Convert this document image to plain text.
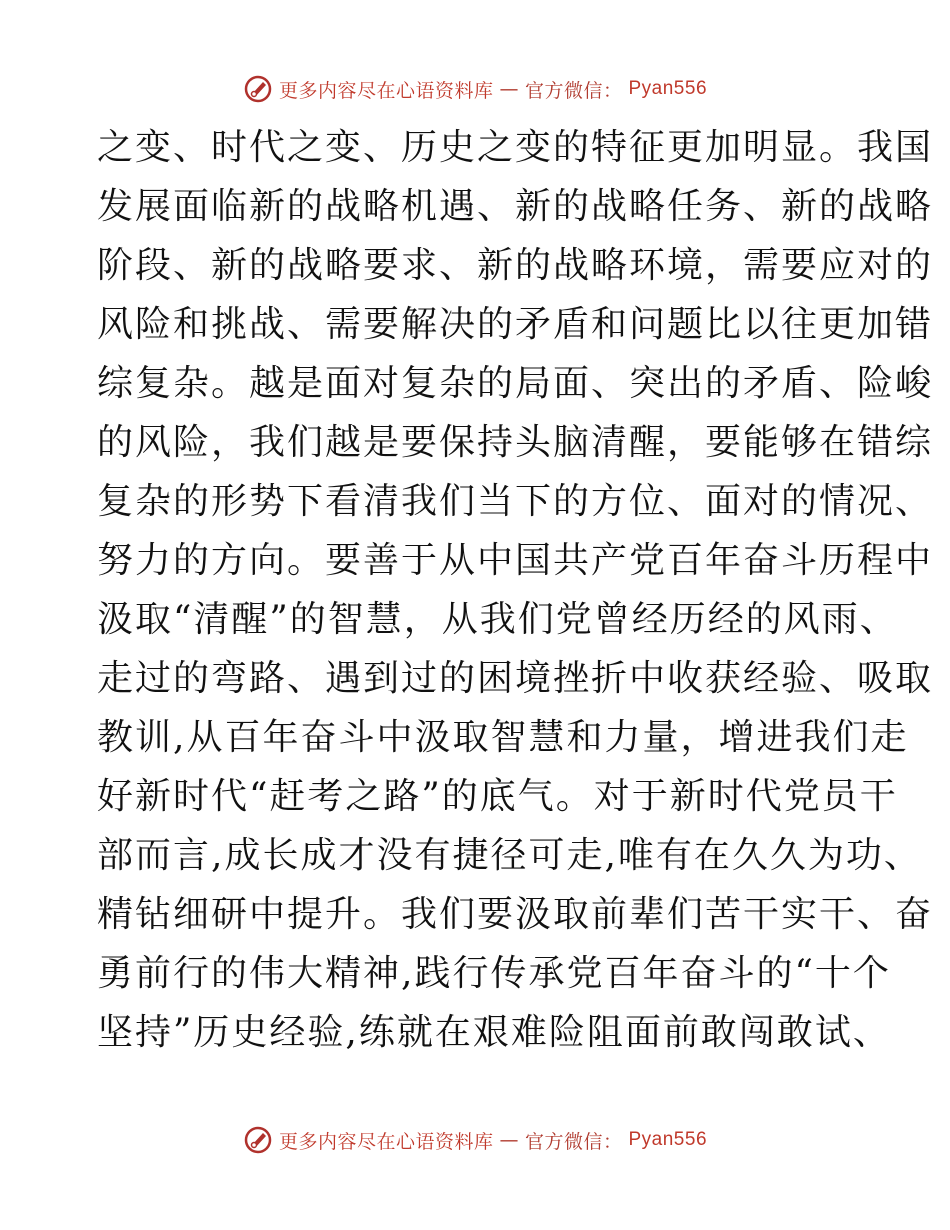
更多内容尽在心语资料库 — 官方微信： Pyan556
之变、时代之变、历史之变的特征更加明显。我国
发展面临新的战略机遇、新的战略任务、新的战略
阶段、新的战略要求、新的战略环境，需要应对的
风险和挑战、需要解决的矛盾和问题比以往更加错
综复杂。越是面对复杂的局面、突出的矛盾、险峻
的风险，我们越是要保持头脑清醒，要能够在错综
复杂的形势下看清我们当下的方位、面对的情况、
努力的方向。要善于从中国共产党百年奋斗历程中
汲取“清醒”的智慧，从我们党曾经历经的风雨、
走过的弯路、遇到过的困境挫折中收获经验、吸取
教训,从百年奋斗中汲取智慧和力量，增进我们走
好新时代“赶考之路”的底气。对于新时代党员干
部而言,成长成才没有捷径可走,唯有在久久为功、
精钻细研中提升。我们要汲取前辈们苦干实干、奋
勇前行的伟大精神,践行传承党百年奋斗的“十个
坚持”历史经验,练就在艰难险阻面前敢闯敢试、
更多内容尽在心语资料库 — 官方微信： Pyan556
